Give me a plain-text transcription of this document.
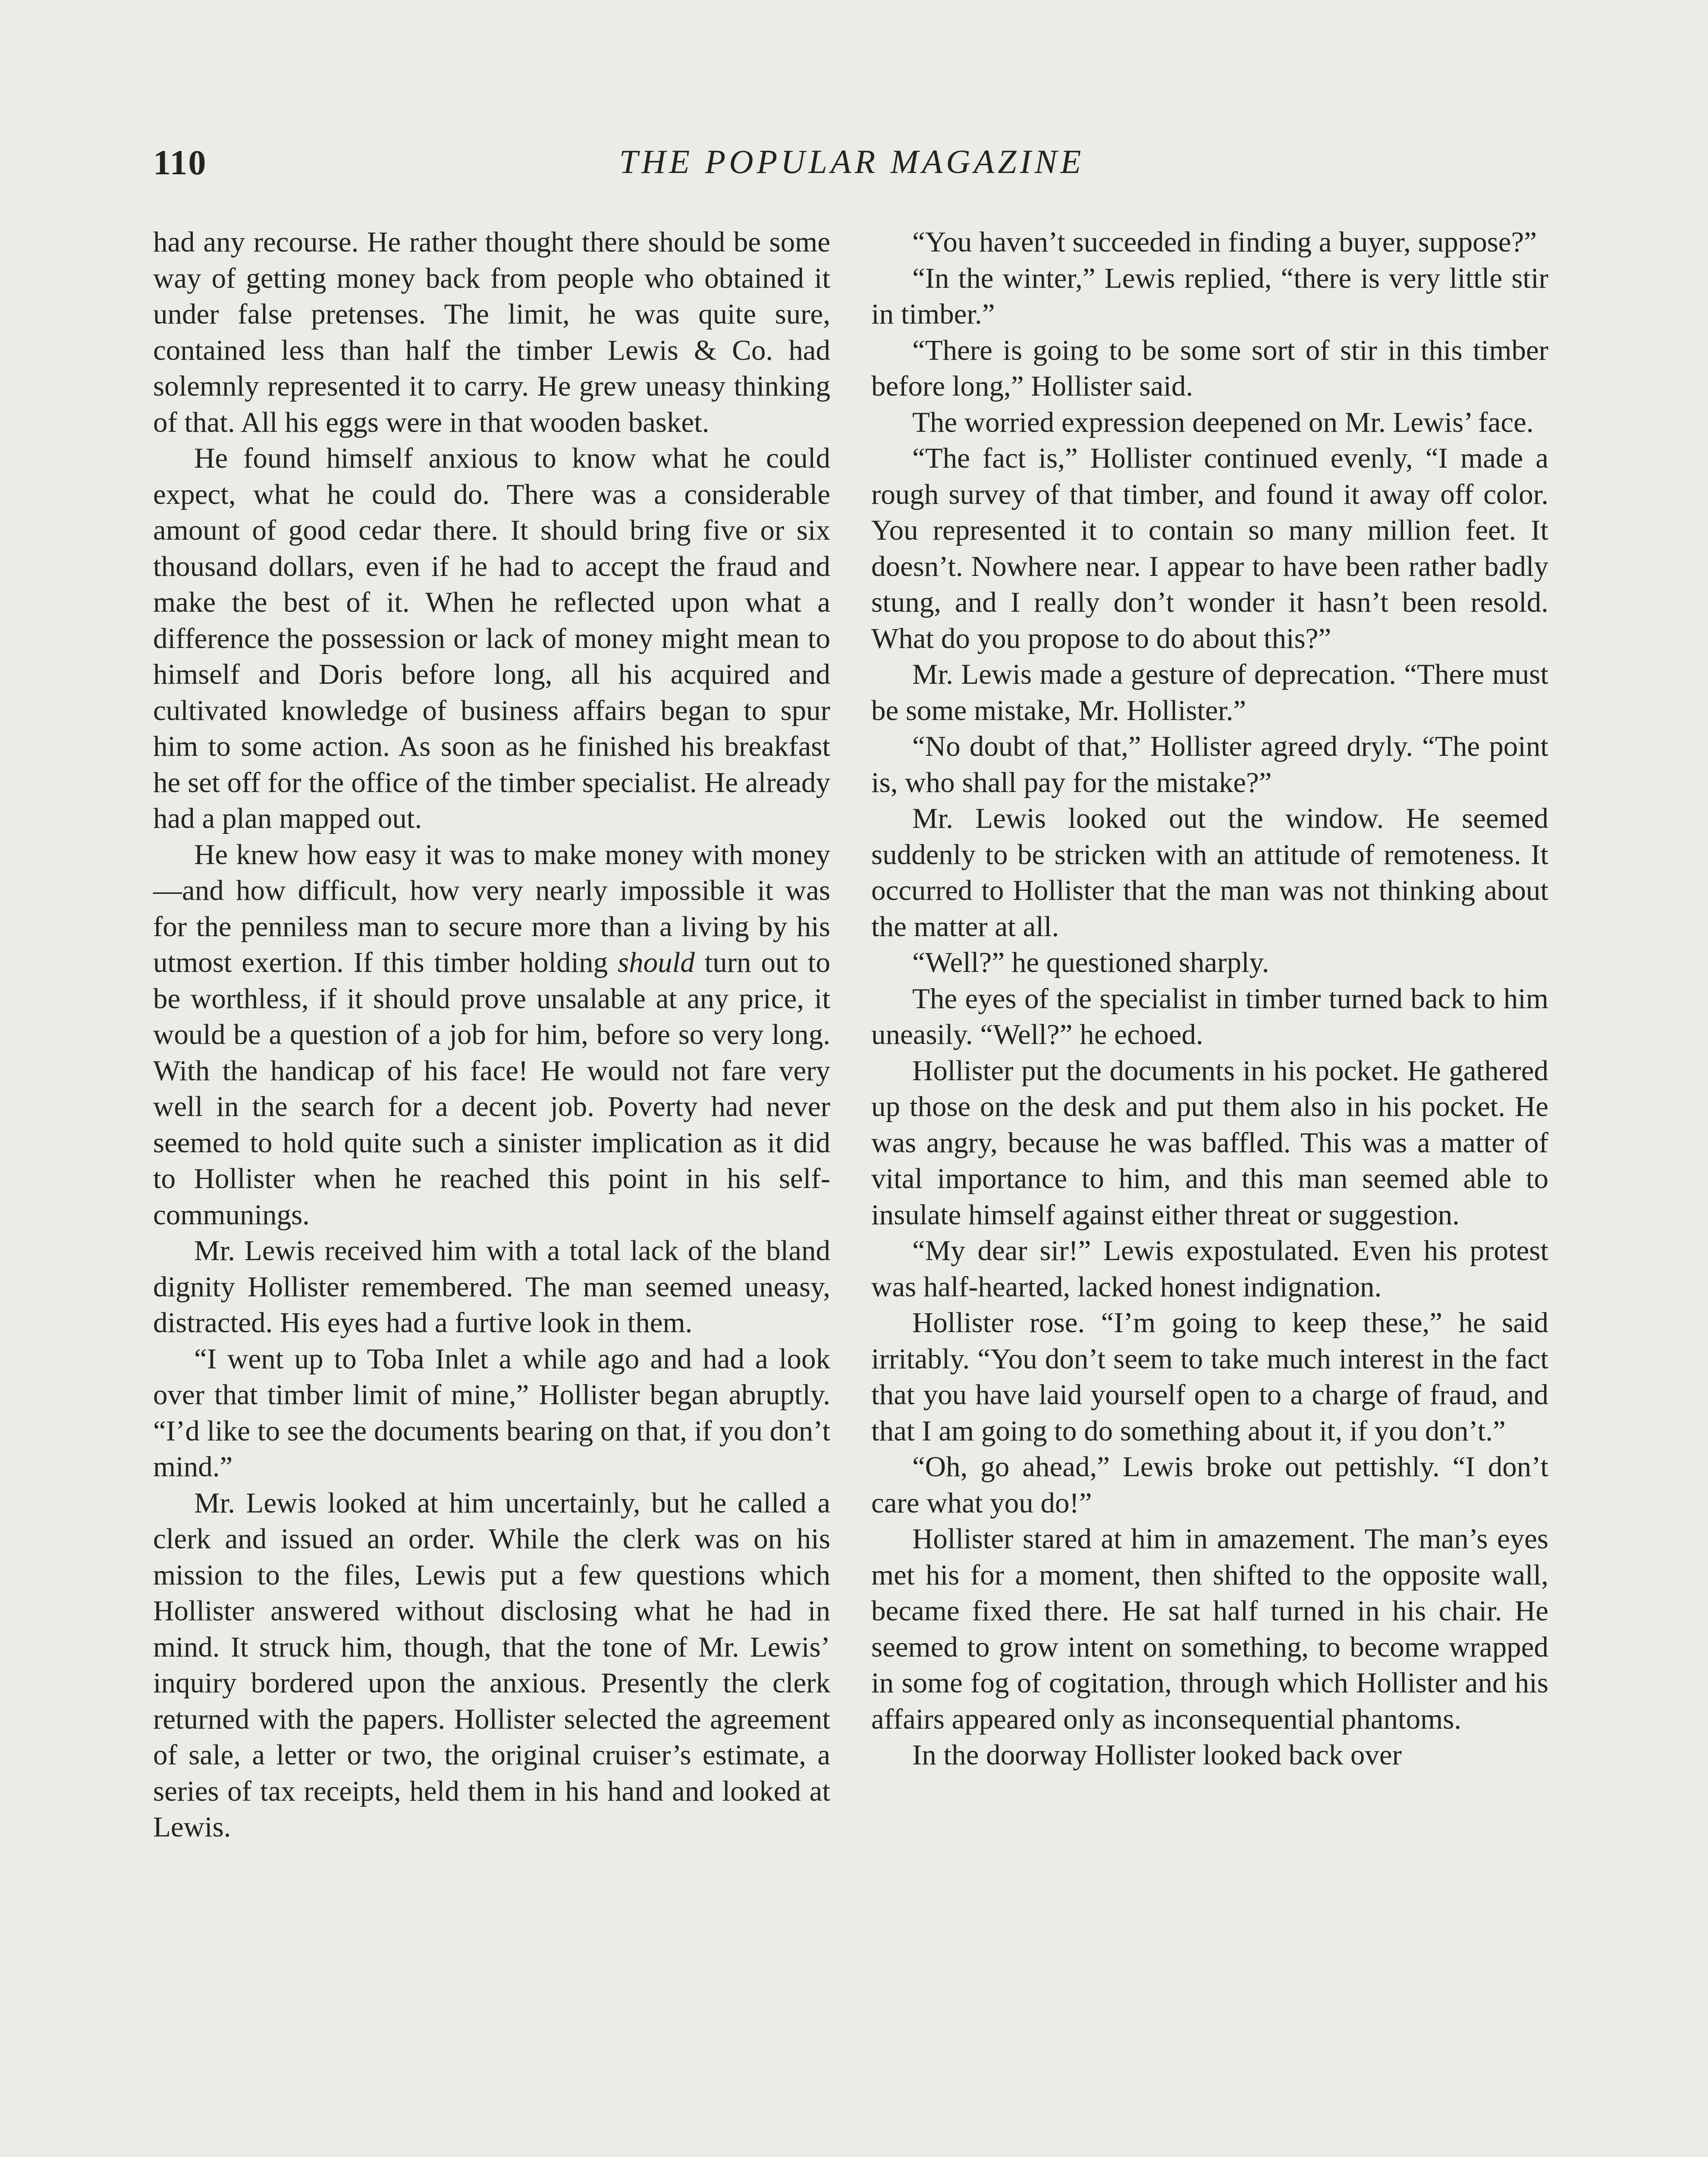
110	THE POPULAR MAGAZINE

had any recourse. He rather thought there should be some way of getting money back from people who obtained it under false pretenses. The limit, he was quite sure, contained less than half the timber Lewis & Co. had solemnly represented it to carry. He grew uneasy thinking of that. All his eggs were in that wooden basket.

He found himself anxious to know what he could expect, what he could do. There was a considerable amount of good cedar there. It should bring five or six thousand dollars, even if he had to accept the fraud and make the best of it. When he reflected upon what a difference the possession or lack of money might mean to himself and Doris before long, all his acquired and cultivated knowledge of business affairs began to spur him to some action. As soon as he finished his breakfast he set off for the office of the timber specialist. He already had a plan mapped out.

He knew how easy it was to make money with money—and how difficult, how very nearly impossible it was for the penniless man to secure more than a living by his utmost exertion. If this timber holding should turn out to be worthless, if it should prove unsalable at any price, it would be a question of a job for him, before so very long. With the handicap of his face! He would not fare very well in the search for a decent job. Poverty had never seemed to hold quite such a sinister implication as it did to Hollister when he reached this point in his self-communings.

Mr. Lewis received him with a total lack of the bland dignity Hollister remembered. The man seemed uneasy, distracted. His eyes had a furtive look in them.

“I went up to Toba Inlet a while ago and had a look over that timber limit of mine,” Hollister began abruptly. “I’d like to see the documents bearing on that, if you don’t mind.”

Mr. Lewis looked at him uncertainly, but he called a clerk and issued an order. While the clerk was on his mission to the files, Lewis put a few questions which Hollister answered without disclosing what he had in mind. It struck him, though, that the tone of Mr. Lewis’ inquiry bordered upon the anxious. Presently the clerk returned with the papers. Hollister selected the agreement of sale, a letter or two, the original cruiser’s estimate, a series of tax receipts, held them in his hand and looked at Lewis.

“You haven’t succeeded in finding a buyer, suppose?”

“In the winter,” Lewis replied, “there is very little stir in timber.”

“There is going to be some sort of stir in this timber before long,” Hollister said.

The worried expression deepened on Mr. Lewis’ face.

“The fact is,” Hollister continued evenly, “I made a rough survey of that timber, and found it away off color. You represented it to contain so many million feet. It doesn’t. Nowhere near. I appear to have been rather badly stung, and I really don’t wonder it hasn’t been resold. What do you propose to do about this?”

Mr. Lewis made a gesture of deprecation. “There must be some mistake, Mr. Hollister.”

“No doubt of that,” Hollister agreed dryly. “The point is, who shall pay for the mistake?”

Mr. Lewis looked out the window. He seemed suddenly to be stricken with an attitude of remoteness. It occurred to Hollister that the man was not thinking about the matter at all.

“Well?” he questioned sharply.

The eyes of the specialist in timber turned back to him uneasily. “Well?” he echoed.

Hollister put the documents in his pocket. He gathered up those on the desk and put them also in his pocket. He was angry, because he was baffled. This was a matter of vital importance to him, and this man seemed able to insulate himself against either threat or suggestion.

“My dear sir!” Lewis expostulated. Even his protest was half-hearted, lacked honest indignation.

Hollister rose. “I’m going to keep these,” he said irritably. “You don’t seem to take much interest in the fact that you have laid yourself open to a charge of fraud, and that I am going to do something about it, if you don’t.”

“Oh, go ahead,” Lewis broke out pettishly. “I don’t care what you do!”

Hollister stared at him in amazement. The man’s eyes met his for a moment, then shifted to the opposite wall, became fixed there. He sat half turned in his chair. He seemed to grow intent on something, to become wrapped in some fog of cogitation, through which Hollister and his affairs appeared only as inconsequential phantoms.

In the doorway Hollister looked back over
